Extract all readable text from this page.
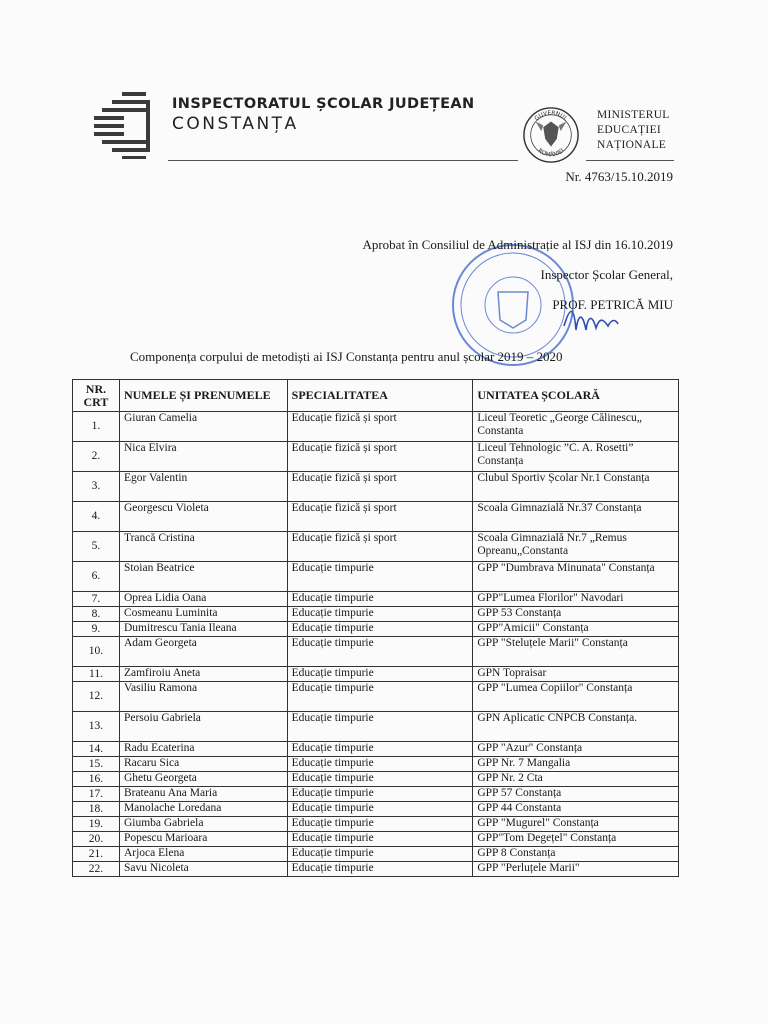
INSPECTORATUL ȘCOLAR JUDEȚEAN
CONSTANȚA	GUVERNUL
ROMÂNIEI
MINISTERUL
EDUCAȚIEI
NAȚIONALE
Nr. 4763/15.10.2019
Aprobat în Consiliul de Administrație al ISJ din 16.10.2019
Inspector Școlar General,
PROF. PETRICĂ MIU
Componența corpului de metodiști ai ISJ Constanța pentru anul școlar 2019 – 2020
NR. CRT	NUMELE ȘI PRENUMELE	SPECIALITATEA	UNITATEA ȘCOLARĂ
1.	Giuran Camelia	Educație fizică și sport	Liceul Teoretic „George Călinescu„ Constanta
2.	Nica Elvira	Educație fizică și sport	Liceul Tehnologic ”C. A. Rosetti” Constanța
3.	Egor Valentin	Educație fizică și sport	Clubul Sportiv Școlar Nr.1 Constanța
4.	Georgescu Violeta	Educație fizică și sport	Scoala Gimnazială Nr.37 Constanța
5.	Trancă Cristina	Educație fizică și sport	Scoala Gimnazială Nr.7 „Remus Opreanu„Constanta
6.	Stoian Beatrice	Educație timpurie	GPP "Dumbrava Minunata" Constanța
7.	Oprea Lidia Oana	Educație timpurie	GPP"Lumea Florilor" Navodari
8.	Cosmeanu Luminita	Educație timpurie	GPP 53 Constanța
9.	Dumitrescu Tania Ileana	Educație timpurie	GPP"Amicii" Constanța
10.	Adam Georgeta	Educație timpurie	GPP "Steluțele Marii" Constanța
11.	Zamfiroiu Aneta	Educație timpurie	GPN Topraisar
12.	Vasiliu Ramona	Educație timpurie	GPP "Lumea Copiilor" Constanța
13.	Persoiu Gabriela	Educație timpurie	GPN Aplicatic CNPCB Constanța.
14.	Radu Ecaterina	Educație timpurie	GPP "Azur" Constanța
15.	Racaru Sica	Educație timpurie	GPP Nr. 7 Mangalia
16.	Ghetu Georgeta	Educație timpurie	GPP Nr. 2 Cta
17.	Brateanu Ana Maria	Educație timpurie	GPP 57 Constanța
18.	Manolache Loredana	Educație timpurie	GPP 44 Constanta
19.	Giumba Gabriela	Educație timpurie	GPP "Mugurel" Constanța
20.	Popescu Marioara	Educație timpurie	GPP"Tom Degețel" Constanța
21.	Arjoca Elena	Educație timpurie	GPP 8 Constanța
22.	Savu Nicoleta	Educație timpurie	GPP "Perluțele Marii"
